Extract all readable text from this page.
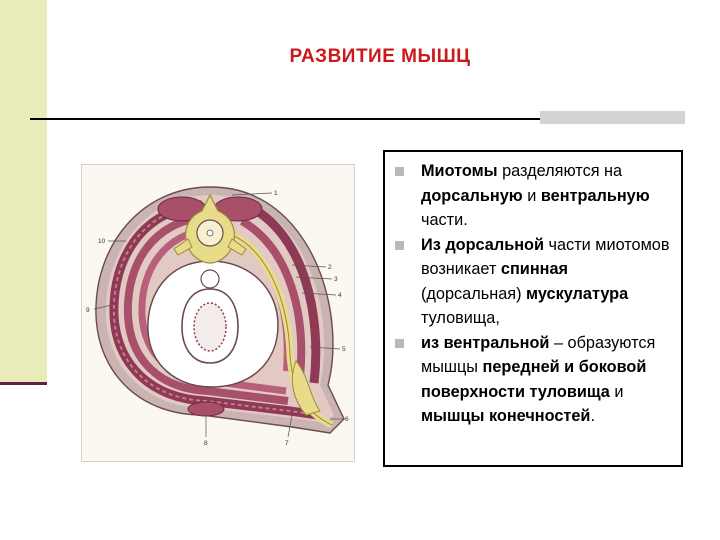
РАЗВИТИЕ МЫШЦ
1
2
3
4
5
6
7
8
9
10
Миотомы разделяются на дорсальную и вентральную части.
Из дорсальной части миотомов возникает спинная (дорсальная) мускулатура туловища,
из вентральной – образуются мышцы передней и боковой поверхности туловища и мышцы конечностей.
